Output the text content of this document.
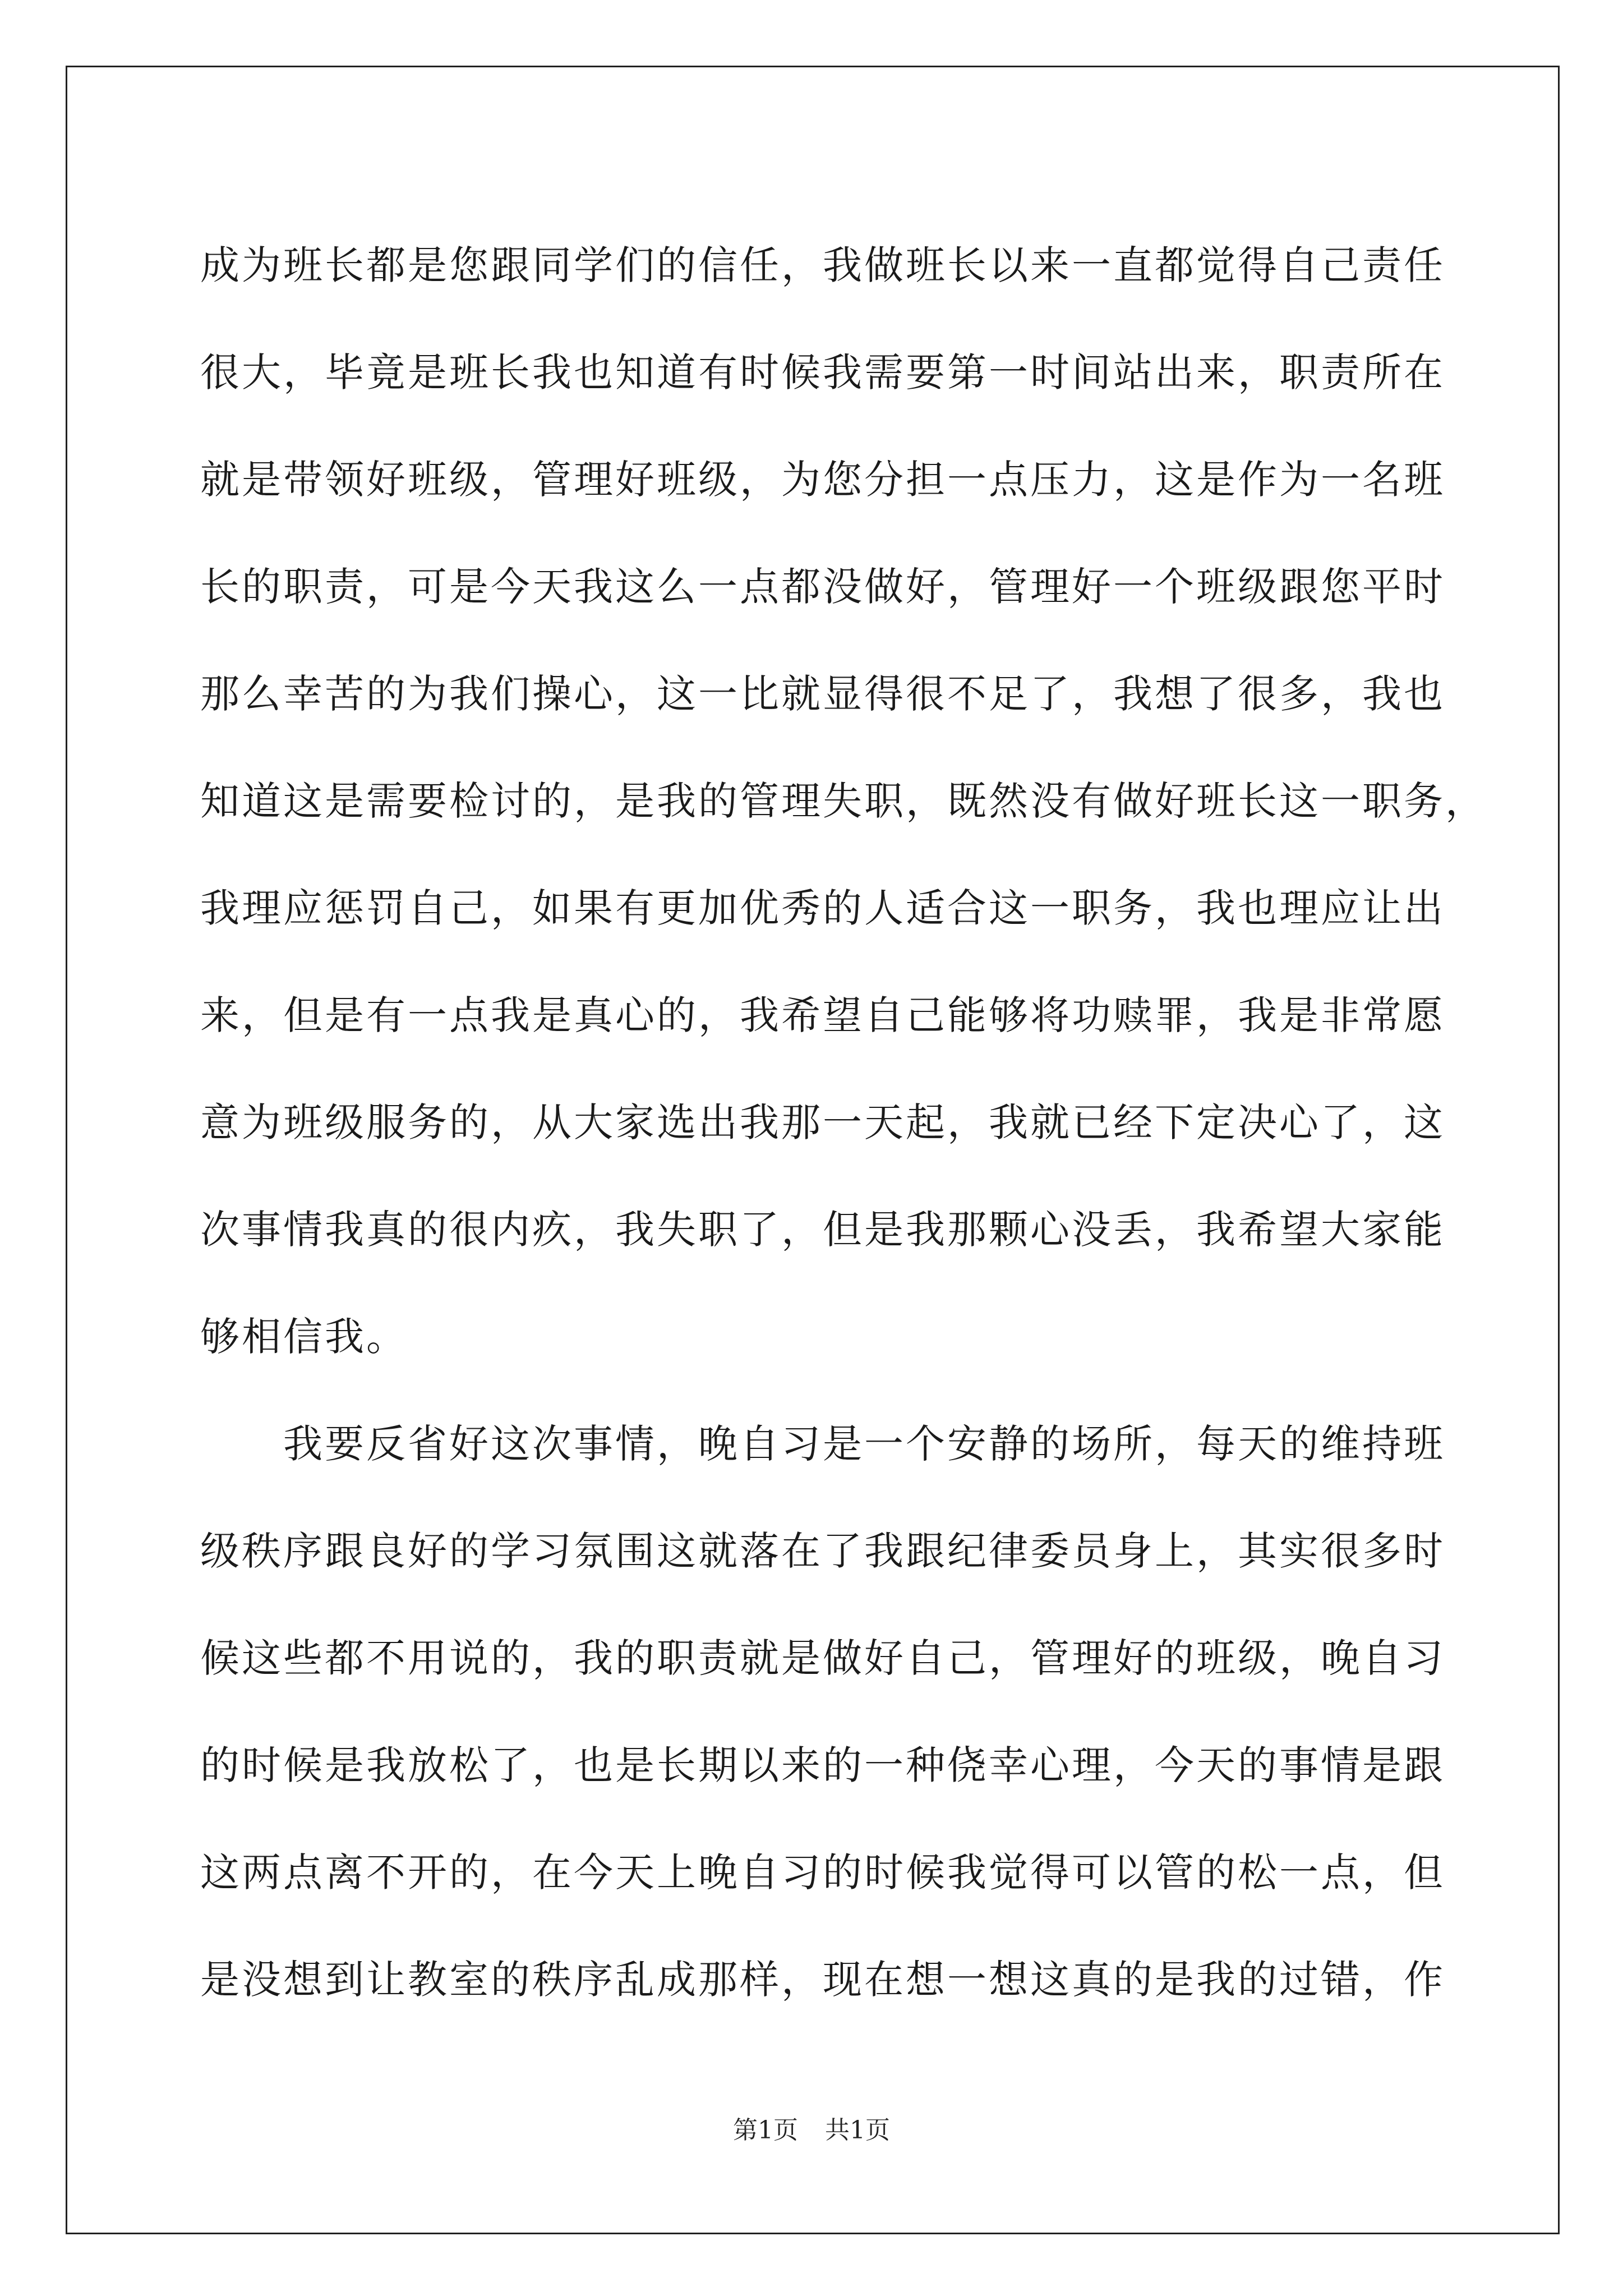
成为班长都是您跟同学们的信任，我做班长以来一直都觉得自己责任
很大，毕竟是班长我也知道有时候我需要第一时间站出来，职责所在
就是带领好班级，管理好班级，为您分担一点压力，这是作为一名班
长的职责，可是今天我这么一点都没做好，管理好一个班级跟您平时
那么幸苦的为我们操心，这一比就显得很不足了，我想了很多，我也
知道这是需要检讨的，是我的管理失职，既然没有做好班长这一职务，
我理应惩罚自己，如果有更加优秀的人适合这一职务，我也理应让出
来，但是有一点我是真心的，我希望自己能够将功赎罪，我是非常愿
意为班级服务的，从大家选出我那一天起，我就已经下定决心了，这
次事情我真的很内疚，我失职了，但是我那颗心没丢，我希望大家能
够相信我。
　　我要反省好这次事情，晚自习是一个安静的场所，每天的维持班
级秩序跟良好的学习氛围这就落在了我跟纪律委员身上，其实很多时
候这些都不用说的，我的职责就是做好自己，管理好的班级，晚自习
的时候是我放松了，也是长期以来的一种侥幸心理，今天的事情是跟
这两点离不开的，在今天上晚自习的时候我觉得可以管的松一点，但
是没想到让教室的秩序乱成那样，现在想一想这真的是我的过错，作
第1页 共1页
